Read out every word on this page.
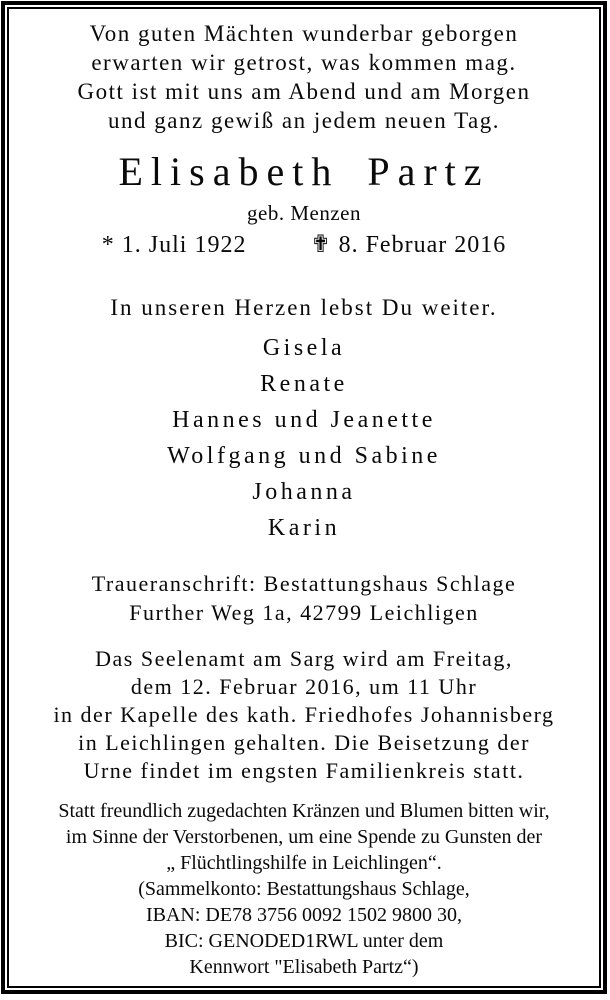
Von guten Mächten wunderbar geborgen
erwarten wir getrost, was kommen mag.
Gott ist mit uns am Abend und am Morgen
und ganz gewiß an jedem neuen Tag.
Elisabeth Partz
geb. Menzen
* 1. Juli 1922	✟ 8. Februar 2016
In unseren Herzen lebst Du weiter.
Gisela
Renate
Hannes und Jeanette
Wolfgang und Sabine
Johanna
Karin
Traueranschrift: Bestattungshaus Schlage
Further Weg 1a, 42799 Leichligen
Das Seelenamt am Sarg wird am Freitag,
dem 12. Februar 2016, um 11 Uhr
in der Kapelle des kath. Friedhofes Johannisberg
in Leichlingen gehalten. Die Beisetzung der
Urne findet im engsten Familienkreis statt.
Statt freundlich zugedachten Kränzen und Blumen bitten wir,
im Sinne der Verstorbenen, um eine Spende zu Gunsten der
„ Flüchtlingshilfe in Leichlingen“.
(Sammelkonto: Bestattungshaus Schlage,
IBAN: DE78 3756 0092 1502 9800 30,
BIC: GENODED1RWL unter dem
Kennwort "Elisabeth Partz“)
